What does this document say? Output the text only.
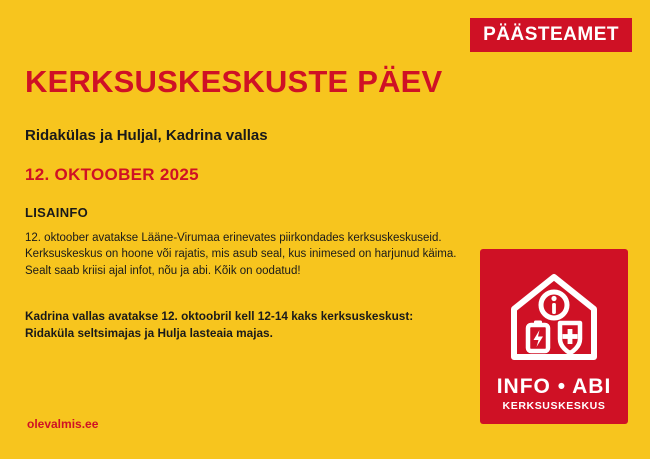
PÄÄSTEAMET
KERKSUSKESKUSTE PÄEV
Ridakülas ja Huljal, Kadrina vallas
12. OKTOOBER 2025
LISAINFO

12. oktoober avatakse Lääne-Virumaa erinevates piirkondades kerksuskeskuseid.

Kerksuskeskus on hoone või rajatis, mis asub seal, kus inimesed on harjunud käima.

Sealt saab kriisi ajal infot, nõu ja abi. Kõik on oodatud!

Kadrina vallas avatakse 12. oktoobril kell 12-14 kaks kerksuskeskust:

Ridaküla seltsimajas ja Hulja lasteaia majas.

olevalmis.ee
INFO • ABI
KERKSUSKESKUS
